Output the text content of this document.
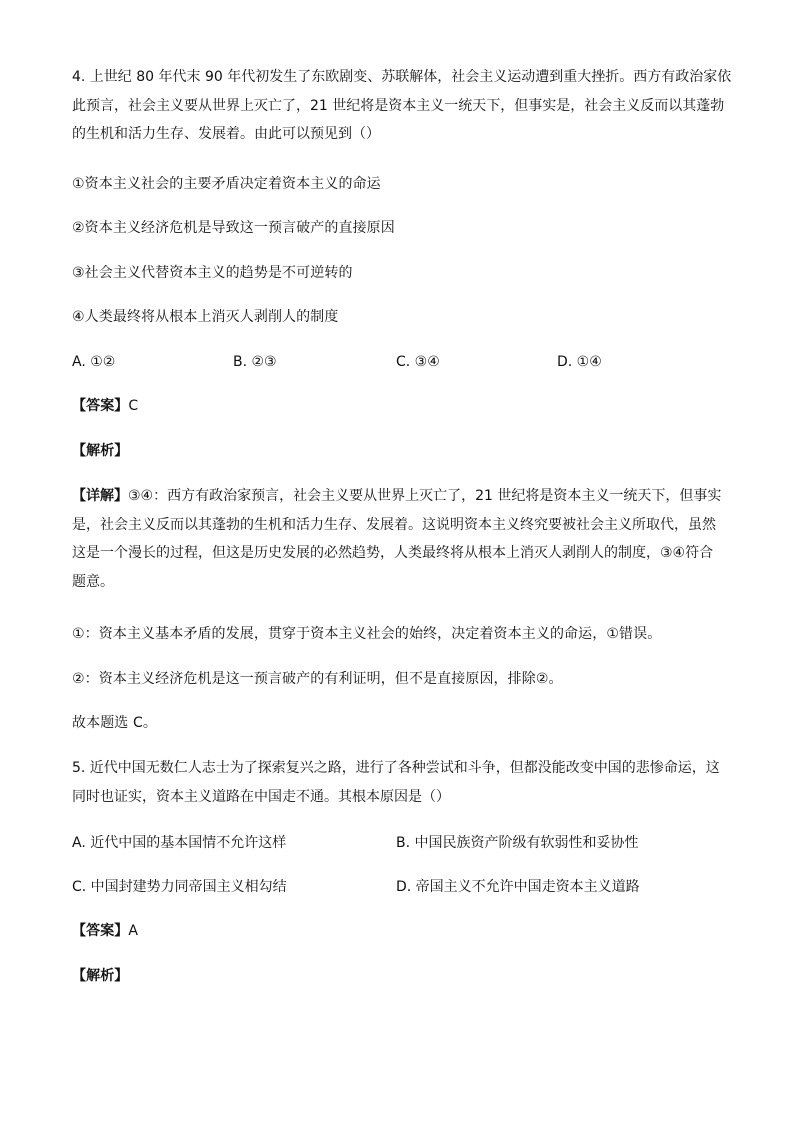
4. 上世纪 80 年代末 90 年代初发生了东欧剧变、苏联解体，社会主义运动遭到重大挫折。西方有政治家依
此预言，社会主义要从世界上灭亡了，21 世纪将是资本主义一统天下，但事实是，社会主义反而以其蓬勃
的生机和活力生存、发展着。由此可以预见到（）
①资本主义社会的主要矛盾决定着资本主义的命运
②资本主义经济危机是导致这一预言破产的直接原因
③社会主义代替资本主义的趋势是不可逆转的
④人类最终将从根本上消灭人剥削人的制度
A. ①②	B. ②③	C. ③④	D. ①④
【答案】C
【解析】
【详解】③④：西方有政治家预言，社会主义要从世界上灭亡了，21 世纪将是资本主义一统天下，但事实
是，社会主义反而以其蓬勃的生机和活力生存、发展着。这说明资本主义终究要被社会主义所取代，虽然
这是一个漫长的过程，但这是历史发展的必然趋势，人类最终将从根本上消灭人剥削人的制度，③④符合
题意。
①：资本主义基本矛盾的发展，贯穿于资本主义社会的始终，决定着资本主义的命运，①错误。
②：资本主义经济危机是这一预言破产的有利证明，但不是直接原因，排除②。
故本题选 C。
5. 近代中国无数仁人志士为了探索复兴之路，进行了各种尝试和斗争，但都没能改变中国的悲惨命运，这
同时也证实，资本主义道路在中国走不通。其根本原因是（）
A. 近代中国的基本国情不允许这样	B. 中国民族资产阶级有软弱性和妥协性
C. 中国封建势力同帝国主义相勾结	D. 帝国主义不允许中国走资本主义道路
【答案】A
【解析】
